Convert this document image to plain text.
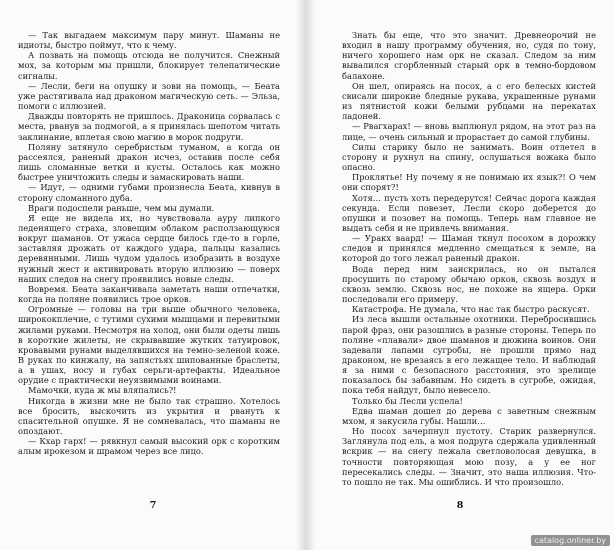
— Так выгадаем максимум пару минут. Шаманы не идиоты, быстро поймут, что к чему.

А позвать на помощь отсюда не получится. Снежный мох, за которым мы пришли, блокирует телепатические сигналы.

— Лесли, беги на опушку и зови на помощь, — Беата уже растягивала над драконом магическую сеть. — Эльза, помоги с иллюзией.

Дважды повторять не пришлось. Драконица сорвалась с места, рванув за подмогой, а я принялась шепотом читать заклинание, вплетая свою магию в морок подруги.

Поляну затянуло серебристым туманом, а когда он рассеялся, раненый дракон исчез, оставив после себя лишь сломанные ветки и кусты. Осталось как можно быстрее уничтожить следы и замаскировать наши.

— Идут, — одними губами произнесла Беата, кивнув в сторону сломанного дуба.

Враги подоспели раньше, чем мы думали.

Я еще не видела их, но чувствовала ауру липкого леденящего страха, зловещим облаком расползающуюся вокруг шаманов. От ужаса сердце билось где-то в горле, заставляя дрожать от каждого удара, пальцы казались деревянными. Лишь чудом удалось изобразить в воздухе нужный жест и активировать вторую иллюзию — поверх наших следов на снегу проявились новые следы.

Вовремя. Беата заканчивала заметать наши отпечатки, когда на поляне появились трое орков.

Огромные — головы на три выше обычного человека, ширококплечие, с тутими сухими мышцами и перевитыми жилами руками. Несмотря на холод, они были одеты лишь в короткие жилеты, не скрывавшие жутких татуировок, кровавыми рунами выделявшихся на темно-зеленой коже. В руках по кинжалу, на запястьях шипованные браслеты, а в ушах, носу и губах серьги-артефакты. Идеальное орудие с практически неуязвимыми воинами.

Мамочки, куда ж мы вляпались?!

Никогда в жизни мне не было так страшно. Хотелось все бросить, выскочить из укрытия и рвануть к спасительной опушке. Я не сомневалась, что шаманы не опоздают.

— Кхар гарх! — рявкнул самый высокий орк с коротким алым ирокезом и шрамом через все лицо.

7

Знать бы еще, что это значит. Древнеорочий не входил в нашу программу обучения, но, судя по тону, ничего хорошего нам орк не сказал. Следом за ним вывалился сгорбленный старый орк в темно-бордовом балахоне.

Он шел, опираясь на посох, а с его белесых кистей свисали широкие бледные рукава, украшенные рунами из пятнистой кожи белыми рубцами на перекатах ладоней.

— Рвагхарах! — вновь выплюнул рядом, на этот раз на лице, — очень сильный и прорастает до самой глубины.

Силы старику было не занимать. Воин отлетел в сторону и рухнул на спину, ослушаться вожака было опасно.

Проклятье! Ну почему я не понимаю их язык?! О чем они спорят?!

Хотя… пусть хоть передерутся! Сейчас дорога каждая секунда. Если повезет, Лесли скоро доберется до опушки и позовет на помощь. Теперь нам главное не выдать себя и не привлечь внимания.

— Уракх ваард! — Шаман ткнул посохом в дорожку следов и принялся медленно смещаться к земле, на которой до того лежал раненый дракон.

Вода перед ним заискрилась, но он пытался просушить по старому обычаю орков, сквозь воздух и сквозь землю. Сквозь нос, не похоже на ящера. Орки последовали его примеру.

Катастрофа. Не думала, что нас так быстро раскусят.

Из леса вышли остальные охотники. Перебросившись парой фраз, они разошлись в разные стороны. Теперь по поляне «плавали» двое шаманов и дюжина воинов. Они задевали лапами сугробы, не прошли прямо над драконом, не врезаясь в его лежащее тело. И наблюдай я за ними с безопасного расстояния, это зрелище показалось бы забавным. Но сидеть в сугробе, ожидая, пока тебя найдут, было невесело.

Только бы Лесли успела!

Едва шаман дошел до дерева с заветным снежным мхом, я закусила губы. Нашли…

Но посох зачерпнул пустоту. Старик развернулся. Заглянула под ель, а моя подруга сдержала удивленный вскрик — на снегу лежала светловолосая девушка, в точности повторяющая мою позу, а у ее ног пересекались следы. — Значит, это наша иллюзия. Что-то пошло не так. Мы ошиблись. И что произошло.

8
catalog.onliner.by
